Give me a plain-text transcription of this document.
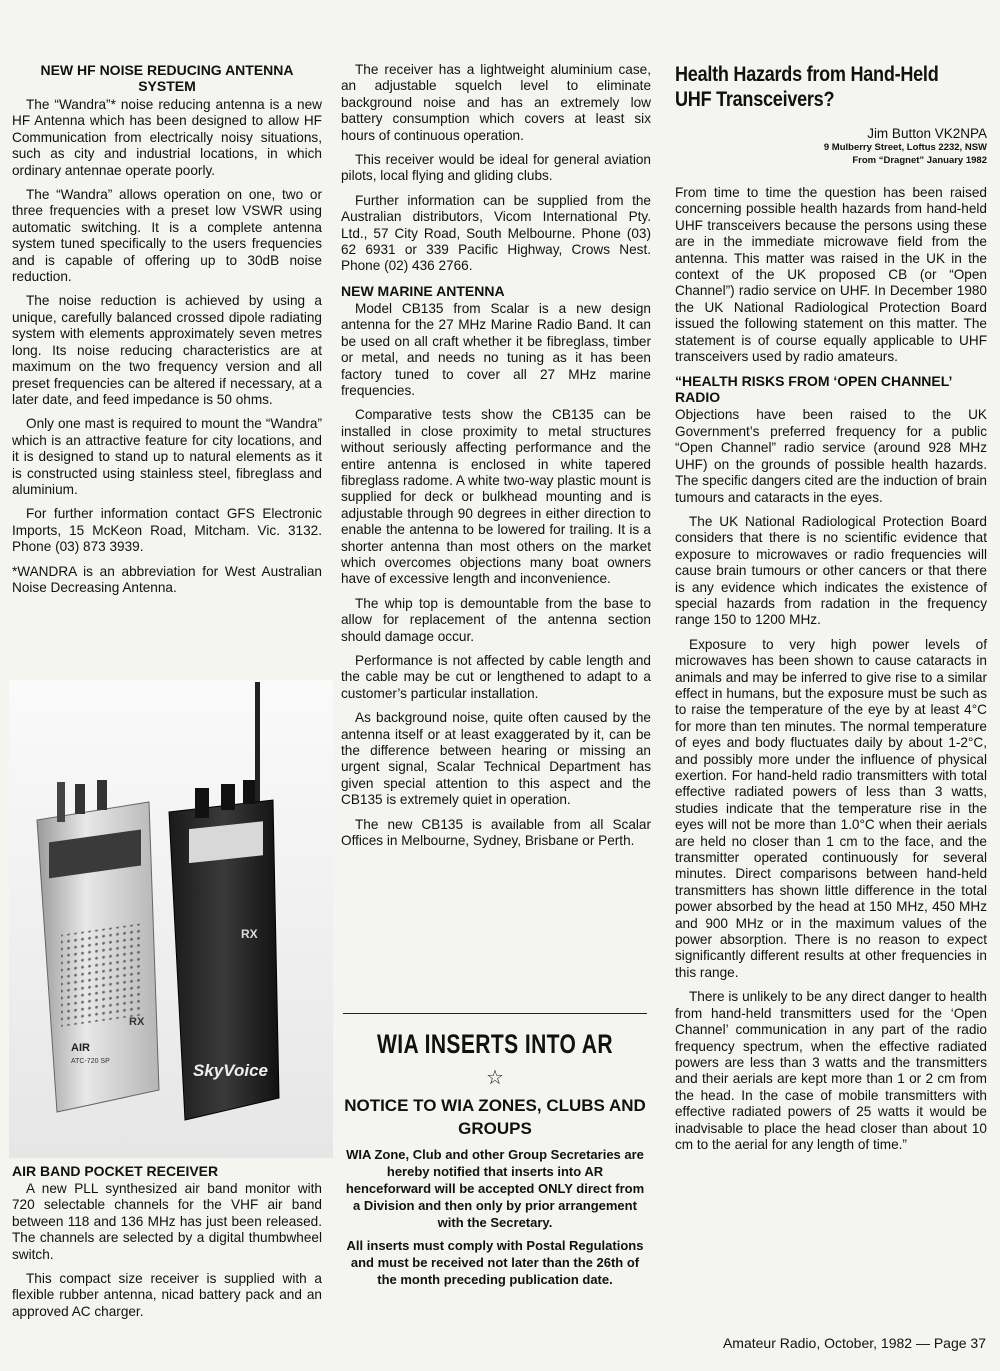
NEW HF NOISE REDUCING ANTENNA SYSTEM

The “Wandra”* noise reducing antenna is a new HF Antenna which has been designed to allow HF Communication from electrically noisy situations, such as city and industrial locations, in which ordinary antennae operate poorly.

The “Wandra” allows operation on one, two or three frequencies with a preset low VSWR using automatic switching. It is a complete antenna system tuned specifically to the users frequencies and is capable of offering up to 30dB noise reduction.

The noise reduction is achieved by using a unique, carefully balanced crossed dipole radiating system with elements approximately seven metres long. Its noise reducing characteristics are at maximum on the two frequency version and all preset frequencies can be altered if necessary, at a later date, and feed impedance is 50 ohms.

Only one mast is required to mount the “Wandra” which is an attractive feature for city locations, and it is designed to stand up to natural elements as it is constructed using stainless steel, fibreglass and aluminium.

For further information contact GFS Electronic Imports, 15 McKeon Road, Mitcham. Vic. 3132. Phone (03) 873 3939.

*WANDRA is an abbreviation for West Australian Noise Decreasing Antenna.

AIR
ATC-720 SP
RX
RX
SkyVoice
AIR BAND POCKET RECEIVER

A new PLL synthesized air band monitor with 720 selectable channels for the VHF air band between 118 and 136 MHz has just been released. The channels are selected by a digital thumbwheel switch.

This compact size receiver is supplied with a flexible rubber antenna, nicad battery pack and an approved AC charger.

The receiver has a lightweight aluminium case, an adjustable squelch level to eliminate background noise and has an extremely low battery consumption which covers at least six hours of continuous operation.

This receiver would be ideal for general aviation pilots, local flying and gliding clubs.

Further information can be supplied from the Australian distributors, Vicom International Pty. Ltd., 57 City Road, South Melbourne. Phone (03) 62 6931 or 339 Pacific Highway, Crows Nest. Phone (02) 436 2766.

NEW MARINE ANTENNA

Model CB135 from Scalar is a new design antenna for the 27 MHz Marine Radio Band. It can be used on all craft whether it be fibreglass, timber or metal, and needs no tuning as it has been factory tuned to cover all 27 MHz marine frequencies.

Comparative tests show the CB135 can be installed in close proximity to metal structures without seriously affecting performance and the entire antenna is enclosed in white tapered fibreglass radome. A white two-way plastic mount is supplied for deck or bulkhead mounting and is adjustable through 90 degrees in either direction to enable the antenna to be lowered for trailing. It is a shorter antenna than most others on the market which overcomes objections many boat owners have of excessive length and inconvenience.

The whip top is demountable from the base to allow for replacement of the antenna section should damage occur.

Performance is not affected by cable length and the cable may be cut or lengthened to adapt to a customer’s particular installation.

As background noise, quite often caused by the antenna itself or at least exaggerated by it, can be the difference between hearing or missing an urgent signal, Scalar Technical Department has given special attention to this aspect and the CB135 is extremely quiet in operation.

The new CB135 is available from all Scalar Offices in Melbourne, Sydney, Brisbane or Perth.

WIA INSERTS INTO AR
☆
NOTICE TO WIA ZONES, CLUBS AND GROUPS
WIA Zone, Club and other Group Secretaries are hereby notified that inserts into AR henceforward will be accepted ONLY direct from a Division and then only by prior arrangement with the Secretary.
All inserts must comply with Postal Regulations and must be received not later than the 26th of the month preceding publication date.
Health Hazards from Hand-Held UHF Transceivers?
Jim Button VK2NPA
9 Mulberry Street, Loftus 2232, NSW
From “Dragnet” January 1982

From time to time the question has been raised concerning possible health hazards from hand-held UHF transceivers because the persons using these are in the immediate microwave field from the antenna. This matter was raised in the UK in the context of the UK proposed CB (or “Open Channel”) radio service on UHF. In December 1980 the UK National Radiological Protection Board issued the following statement on this matter. The statement is of course equally applicable to UHF transceivers used by radio amateurs.

“HEALTH RISKS FROM ‘OPEN CHANNEL’ RADIO

Objections have been raised to the UK Government’s preferred frequency for a public “Open Channel” radio service (around 928 MHz UHF) on the grounds of possible health hazards. The specific dangers cited are the induction of brain tumours and cataracts in the eyes.

The UK National Radiological Protection Board considers that there is no scientific evidence that exposure to microwaves or radio frequencies will cause brain tumours or other cancers or that there is any evidence which indicates the existence of special hazards from radation in the frequency range 150 to 1200 MHz.

Exposure to very high power levels of microwaves has been shown to cause cataracts in animals and may be inferred to give rise to a similar effect in humans, but the exposure must be such as to raise the temperature of the eye by at least 4°C for more than ten minutes. The normal temperature of eyes and body fluctuates daily by about 1-2°C, and possibly more under the influence of physical exertion. For hand-held radio transmitters with total effective radiated powers of less than 3 watts, studies indicate that the temperature rise in the eyes will not be more than 1.0°C when their aerials are held no closer than 1 cm to the face, and the transmitter operated continuously for several minutes. Direct comparisons between hand-held transmitters has shown little difference in the total power absorbed by the head at 150 MHz, 450 MHz and 900 MHz or in the maximum values of the power absorption. There is no reason to expect significantly different results at other frequencies in this range.

There is unlikely to be any direct danger to health from hand-held transmitters used for the ‘Open Channel’ communication in any part of the radio frequency spectrum, when the effective radiated powers are less than 3 watts and the transmitters and their aerials are kept more than 1 or 2 cm from the head. In the case of mobile transmitters with effective radiated powers of 25 watts it would be inadvisable to place the head closer than about 10 cm to the aerial for any length of time.”

Amateur Radio, October, 1982 — Page 37
